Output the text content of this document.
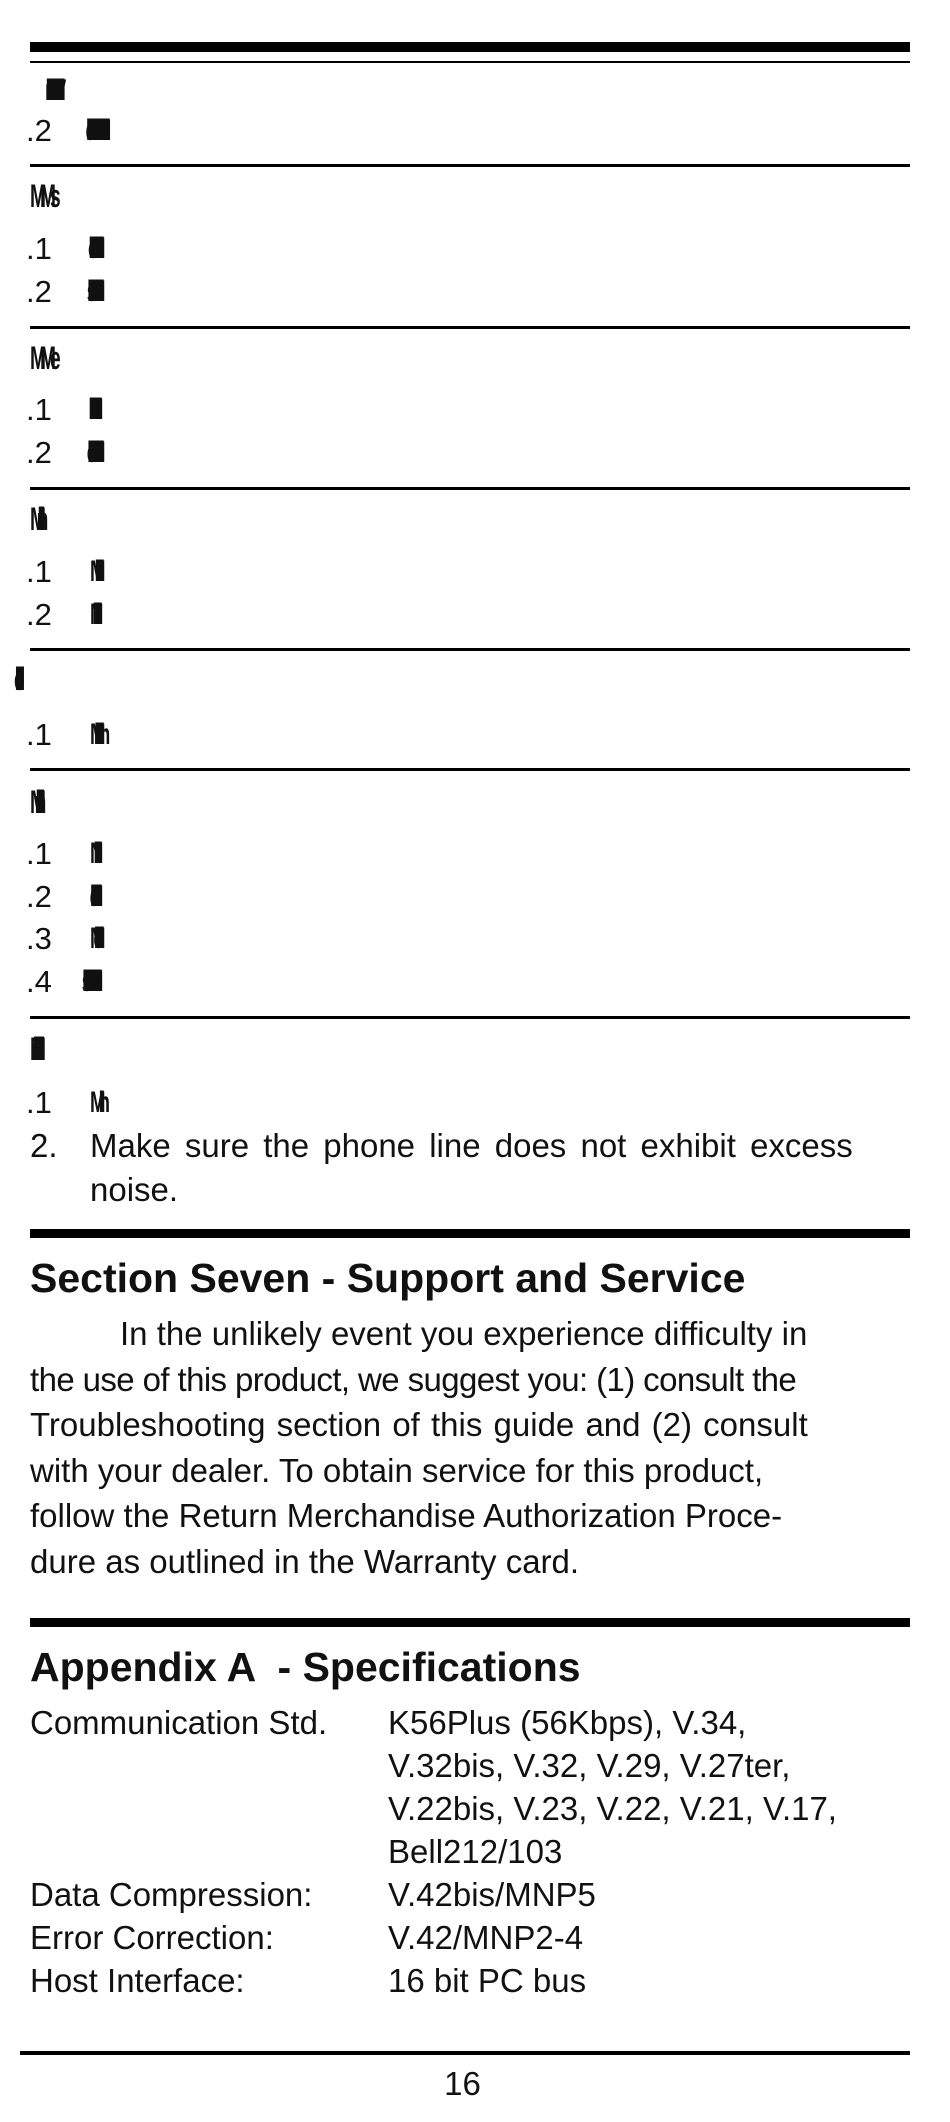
.2 NNllllllllllllllllllllllllllllllllllllllllllllllllld
MMs
.1 Mllllllllllllllllllllllllllllle
.2 Mlllllllllllllllllllllllllllllllls
MMe
.1
.2 Mlllllllllllllllllllllllllllllllle
Mllllln
.1 Mllllllllllllll
.2 Nllllllllllllll
.1 Mlllllllllllllllm
Mlllllllln
.1 Nllllllllllll
.2 Nlllllllllllllllllllld
.3 Mlllllllllllllllle
.4
Mlllllllllllln
.1 Mlllh
2. Make sure the phone line does not exhibit excess
noise.
Section Seven - Support and Service
In the unlikely event you experience difficulty in
the use of this product, we suggest you: (1) consult the
Troubleshooting section of this guide and (2) consult
with your dealer. To obtain service for this product,
follow the Return Merchandise Authorization Proce-
dure as outlined in the Warranty card.
Appendix A  - Specifications
Communication Std. K56Plus (56Kbps), V.34,
V.32bis, V.32, V.29, V.27ter,
V.22bis, V.23, V.22, V.21, V.17,
Bell212/103
Data Compression: V.42bis/MNP5
Error Correction:	V.42/MNP2-4
Host Interface:	16 bit PC bus
16
